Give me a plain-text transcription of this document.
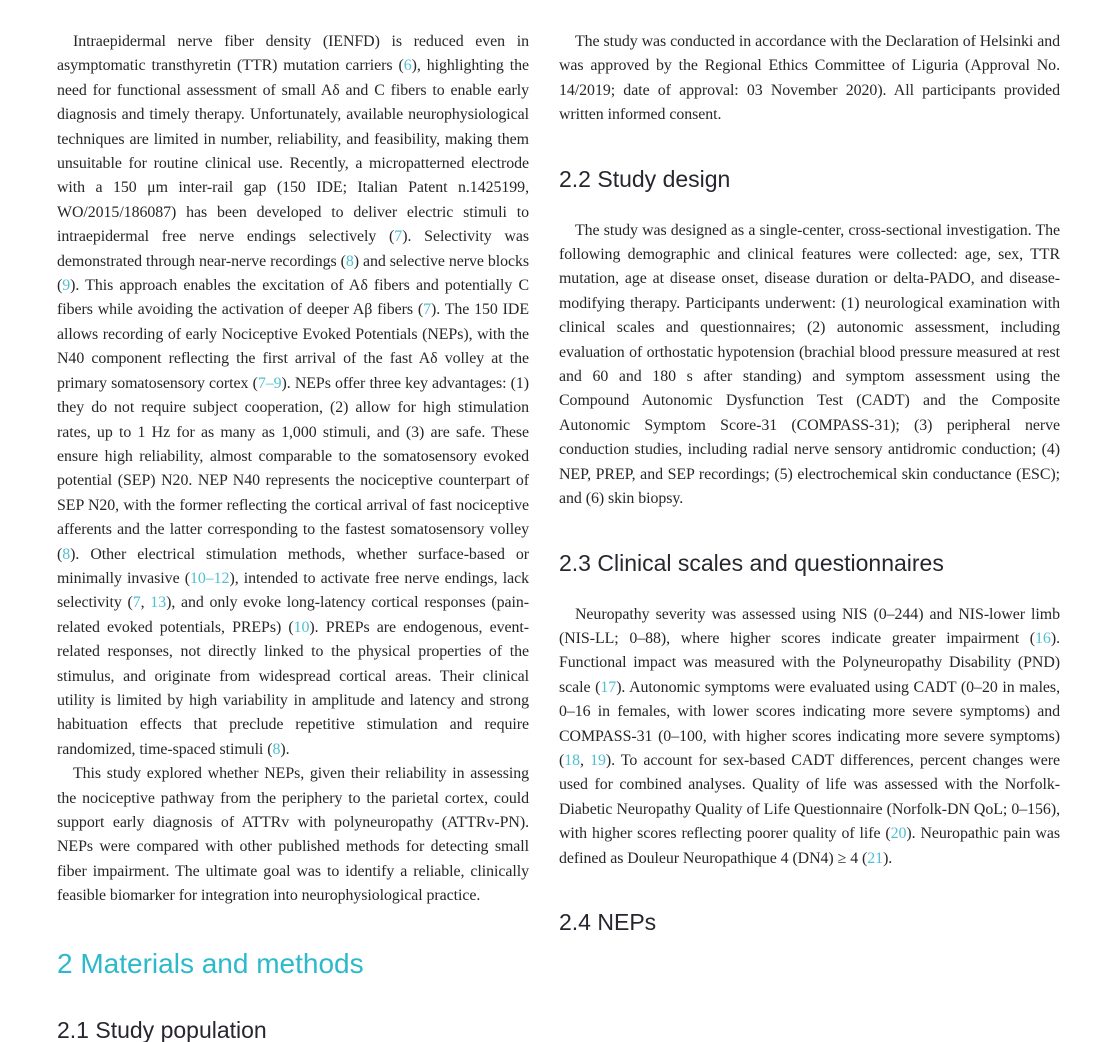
Intraepidermal nerve fiber density (IENFD) is reduced even in asymptomatic transthyretin (TTR) mutation carriers (6), highlighting the need for functional assessment of small Aδ and C fibers to enable early diagnosis and timely therapy. Unfortunately, available neurophysiological techniques are limited in number, reliability, and feasibility, making them unsuitable for routine clinical use. Recently, a micropatterned electrode with a 150 μm inter-rail gap (150 IDE; Italian Patent n.1425199, WO/2015/186087) has been developed to deliver electric stimuli to intraepidermal free nerve endings selectively (7). Selectivity was demonstrated through near-nerve recordings (8) and selective nerve blocks (9). This approach enables the excitation of Aδ fibers and potentially C fibers while avoiding the activation of deeper Aβ fibers (7). The 150 IDE allows recording of early Nociceptive Evoked Potentials (NEPs), with the N40 component reflecting the first arrival of the fast Aδ volley at the primary somatosensory cortex (7–9). NEPs offer three key advantages: (1) they do not require subject cooperation, (2) allow for high stimulation rates, up to 1 Hz for as many as 1,000 stimuli, and (3) are safe. These ensure high reliability, almost comparable to the somatosensory evoked potential (SEP) N20. NEP N40 represents the nociceptive counterpart of SEP N20, with the former reflecting the cortical arrival of fast nociceptive afferents and the latter corresponding to the fastest somatosensory volley (8). Other electrical stimulation methods, whether surface-based or minimally invasive (10–12), intended to activate free nerve endings, lack selectivity (7, 13), and only evoke long-latency cortical responses (pain-related evoked potentials, PREPs) (10). PREPs are endogenous, event-related responses, not directly linked to the physical properties of the stimulus, and originate from widespread cortical areas. Their clinical utility is limited by high variability in amplitude and latency and strong habituation effects that preclude repetitive stimulation and require randomized, time-spaced stimuli (8).

This study explored whether NEPs, given their reliability in assessing the nociceptive pathway from the periphery to the parietal cortex, could support early diagnosis of ATTRv with polyneuropathy (ATTRv-PN). NEPs were compared with other published methods for detecting small fiber impairment. The ultimate goal was to identify a reliable, clinically feasible biomarker for integration into neurophysiological practice.

2 Materials and methods
2.1 Study population

The study was conducted in accordance with the Declaration of Helsinki and was approved by the Regional Ethics Committee of Liguria (Approval No. 14/2019; date of approval: 03 November 2020). All participants provided written informed consent.

2.2 Study design

The study was designed as a single-center, cross-sectional investigation. The following demographic and clinical features were collected: age, sex, TTR mutation, age at disease onset, disease duration or delta-PADO, and disease-modifying therapy. Participants underwent: (1) neurological examination with clinical scales and questionnaires; (2) autonomic assessment, including evaluation of orthostatic hypotension (brachial blood pressure measured at rest and 60 and 180 s after standing) and symptom assessment using the Compound Autonomic Dysfunction Test (CADT) and the Composite Autonomic Symptom Score-31 (COMPASS-31); (3) peripheral nerve conduction studies, including radial nerve sensory antidromic conduction; (4) NEP, PREP, and SEP recordings; (5) electrochemical skin conductance (ESC); and (6) skin biopsy.

2.3 Clinical scales and questionnaires

Neuropathy severity was assessed using NIS (0–244) and NIS-lower limb (NIS-LL; 0–88), where higher scores indicate greater impairment (16). Functional impact was measured with the Polyneuropathy Disability (PND) scale (17). Autonomic symptoms were evaluated using CADT (0–20 in males, 0–16 in females, with lower scores indicating more severe symptoms) and COMPASS-31 (0–100, with higher scores indicating more severe symptoms) (18, 19). To account for sex-based CADT differences, percent changes were used for combined analyses. Quality of life was assessed with the Norfolk-Diabetic Neuropathy Quality of Life Questionnaire (Norfolk-DN QoL; 0–156), with higher scores reflecting poorer quality of life (20). Neuropathic pain was defined as Douleur Neuropathique 4 (DN4) ≥ 4 (21).

2.4 NEPs
